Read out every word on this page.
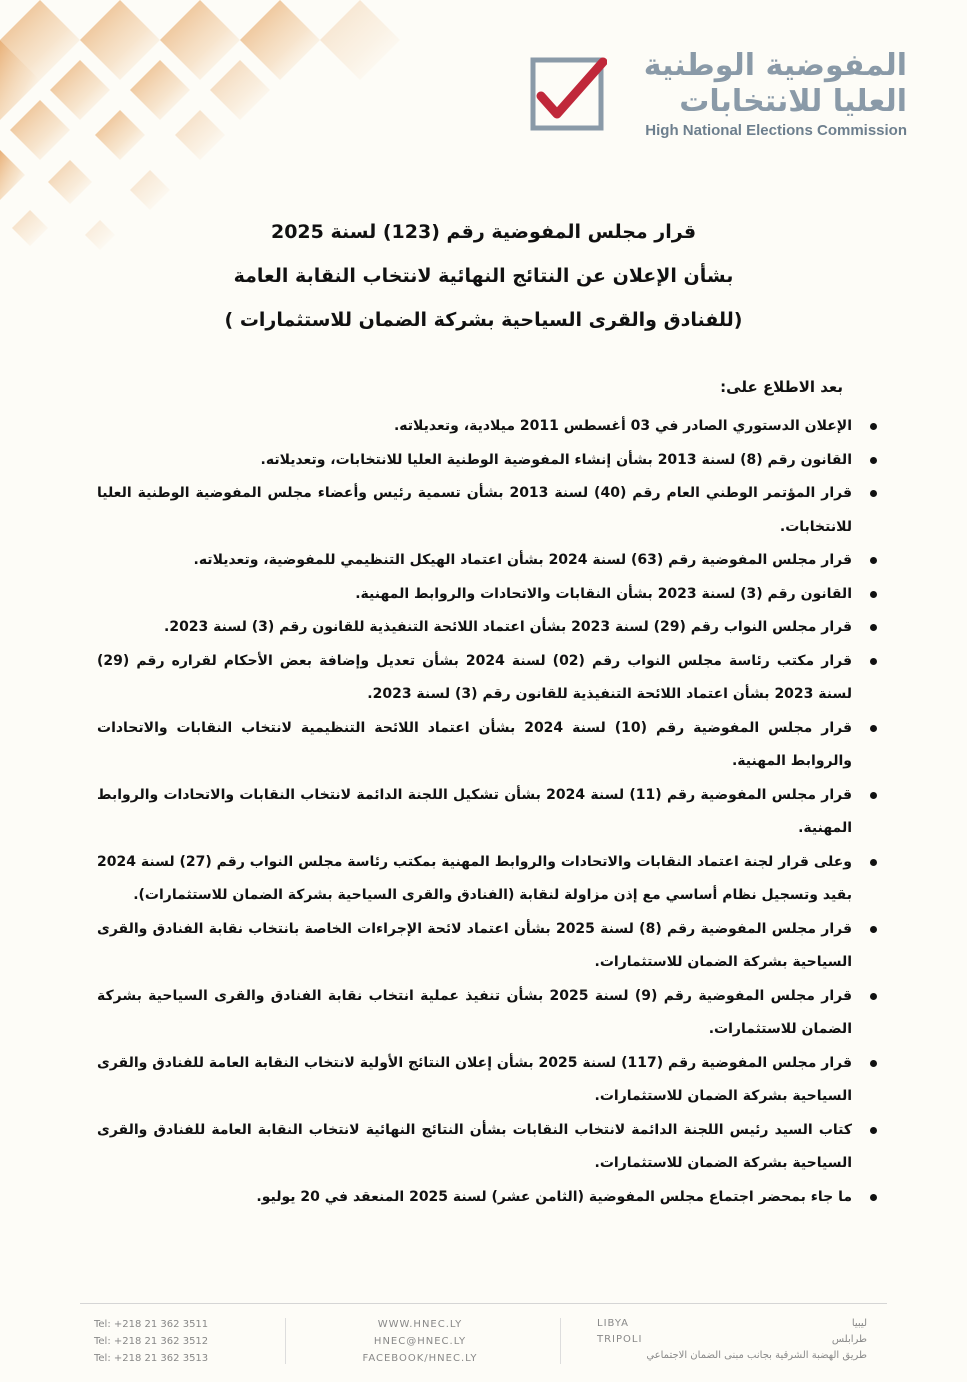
المفوضية الوطنية
العليا للانتخابات
High National Elections Commission
قرار مجلس المفوضية رقم (123) لسنة 2025
بشأن الإعلان عن النتائج النهائية لانتخاب النقابة العامة
(للفنادق والقرى السياحية بشركة الضمان للاستثمارات )
بعد الاطلاع على:
الإعلان الدستوري الصادر في 03 أغسطس 2011 ميلادية، وتعديلاته.
القانون رقم (8) لسنة 2013 بشأن إنشاء المفوضية الوطنية العليا للانتخابات، وتعديلاته.
قرار المؤتمر الوطني العام رقم (40) لسنة 2013 بشأن تسمية رئيس وأعضاء مجلس المفوضية الوطنية العليا للانتخابات.
قرار مجلس المفوضية رقم (63) لسنة 2024 بشأن اعتماد الهيكل التنظيمي للمفوضية، وتعديلاته.
القانون رقم (3) لسنة 2023 بشأن النقابات والاتحادات والروابط المهنية.
قرار مجلس النواب رقم (29) لسنة 2023 بشأن اعتماد اللائحة التنفيذية للقانون رقم (3) لسنة 2023.
قرار مكتب رئاسة مجلس النواب رقم (02) لسنة 2024 بشأن تعديل وإضافة بعض الأحكام لقراره رقم (29) لسنة 2023 بشأن اعتماد اللائحة التنفيذية للقانون رقم (3) لسنة 2023.
قرار مجلس المفوضية رقم (10) لسنة 2024 بشأن اعتماد اللائحة التنظيمية لانتخاب النقابات والاتحادات والروابط المهنية.
قرار مجلس المفوضية رقم (11) لسنة 2024 بشأن تشكيل اللجنة الدائمة لانتخاب النقابات والاتحادات والروابط المهنية.
وعلى قرار لجنة اعتماد النقابات والاتحادات والروابط المهنية بمكتب رئاسة مجلس النواب رقم (27) لسنة 2024 بقيد وتسجيل نظام أساسي مع إذن مزاولة لنقابة (الفنادق والقرى السياحية بشركة الضمان للاستثمارات).
قرار مجلس المفوضية رقم (8) لسنة 2025 بشأن اعتماد لائحة الإجراءات الخاصة بانتخاب نقابة الفنادق والقرى السياحية بشركة الضمان للاستثمارات.
قرار مجلس المفوضية رقم (9) لسنة 2025 بشأن تنفيذ عملية انتخاب نقابة الفنادق والقرى السياحية بشركة الضمان للاستثمارات.
قرار مجلس المفوضية رقم (117) لسنة 2025 بشأن إعلان النتائج الأولية لانتخاب النقابة العامة للفنادق والقرى السياحية بشركة الضمان للاستثمارات.
كتاب السيد رئيس اللجنة الدائمة لانتخاب النقابات بشأن النتائج النهائية لانتخاب النقابة العامة للفنادق والقرى السياحية بشركة الضمان للاستثمارات.
ما جاء بمحضر اجتماع مجلس المفوضية (الثامن عشر) لسنة 2025 المنعقد في 20 يوليو.
Tel: +218 21 362 3511
Tel: +218 21 362 3512
Tel: +218 21 362 3513
WWW.HNEC.LY
HNEC@HNEC.LY
FACEBOOK/HNEC.LY
LIBYA
TRIPOLI
ليبيا
طرابلس
طريق الهضبة الشرقية بجانب مبنى الضمان الاجتماعي
